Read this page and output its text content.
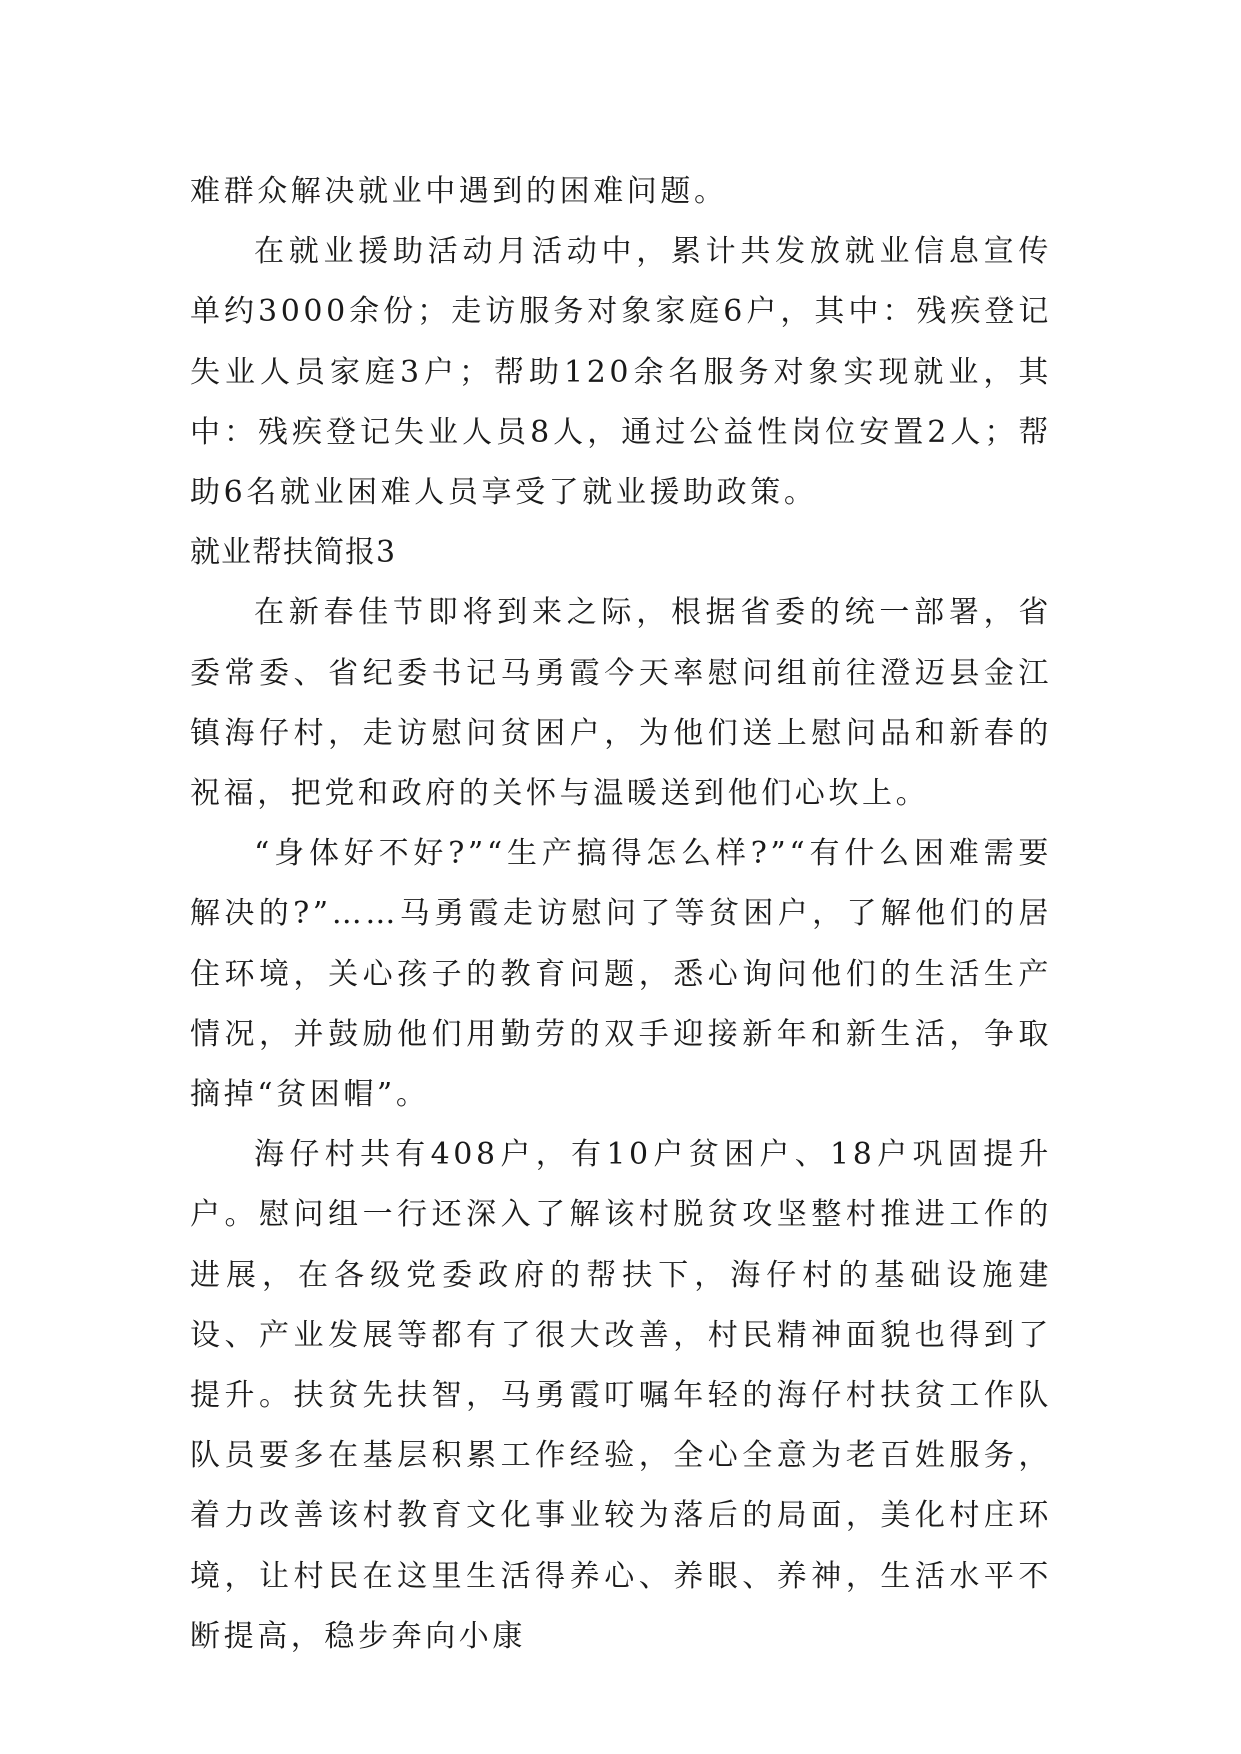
难群众解决就业中遇到的困难问题。

在就业援助活动月活动中，累计共发放就业信息宣传单约3000余份；走访服务对象家庭6户，其中：残疾登记失业人员家庭3户；帮助120余名服务对象实现就业，其中：残疾登记失业人员8人，通过公益性岗位安置2人；帮助6名就业困难人员享受了就业援助政策。

就业帮扶简报3

在新春佳节即将到来之际，根据省委的统一部署，省委常委、省纪委书记马勇霞今天率慰问组前往澄迈县金江镇海仔村，走访慰问贫困户，为他们送上慰问品和新春的祝福，把党和政府的关怀与温暖送到他们心坎上。

“身体好不好?”“生产搞得怎么样?”“有什么困难需要解决的?”……马勇霞走访慰问了等贫困户，了解他们的居住环境，关心孩子的教育问题，悉心询问他们的生活生产情况，并鼓励他们用勤劳的双手迎接新年和新生活，争取摘掉“贫困帽”。

海仔村共有408户，有10户贫困户、18户巩固提升户。慰问组一行还深入了解该村脱贫攻坚整村推进工作的进展，在各级党委政府的帮扶下，海仔村的基础设施建设、产业发展等都有了很大改善，村民精神面貌也得到了提升。扶贫先扶智，马勇霞叮嘱年轻的海仔村扶贫工作队队员要多在基层积累工作经验，全心全意为老百姓服务，着力改善该村教育文化事业较为落后的局面，美化村庄环境，让村民在这里生活得养心、养眼、养神，生活水平不断提高，稳步奔向小康
